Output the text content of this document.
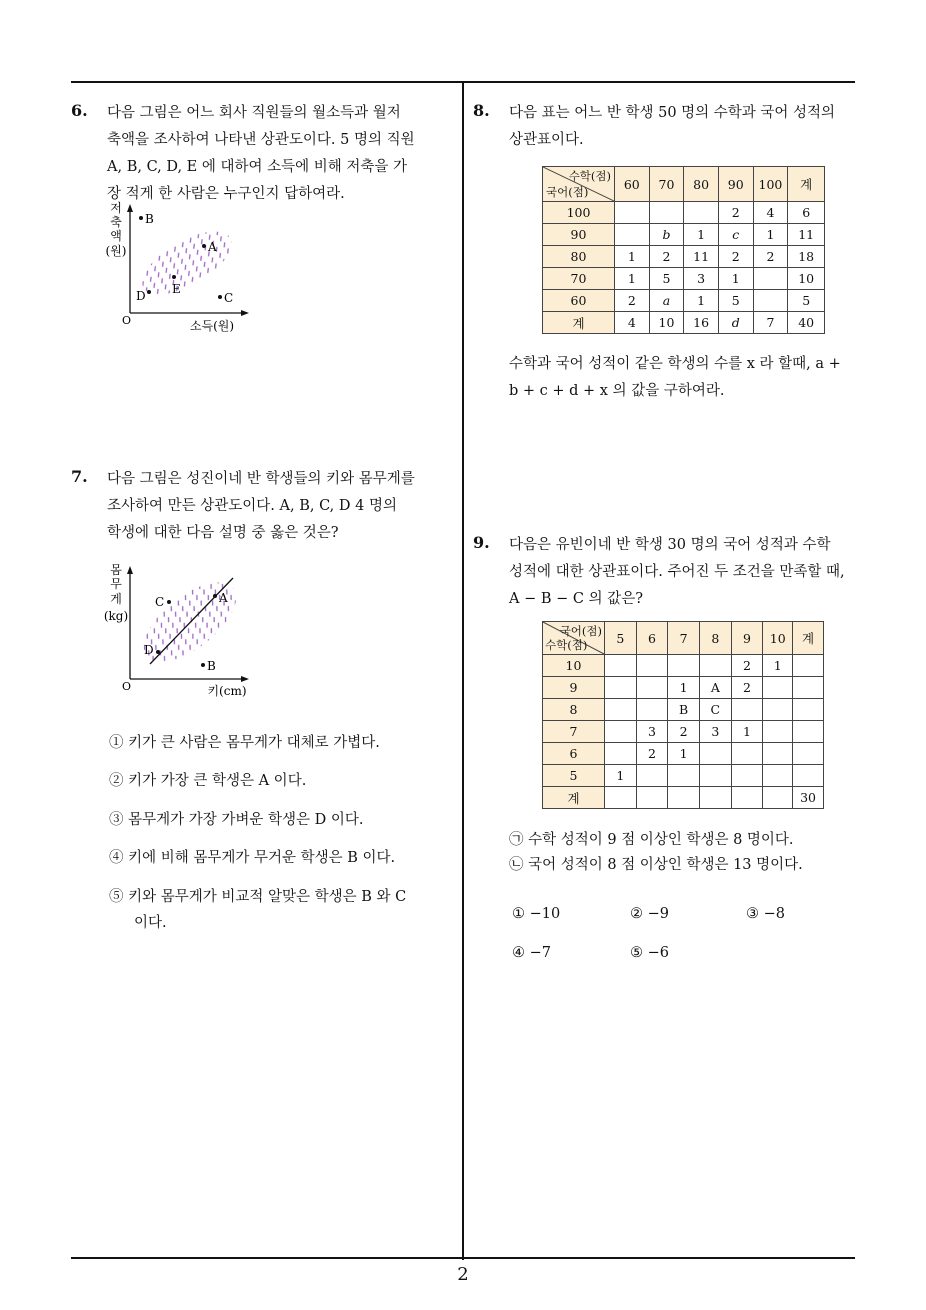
6. 다음 그림은 어느 회사 직원들의 월소득과 월저
축액을 조사하여 나타낸 상관도이다. 5 명의 직원
A, B, C, D, E 에 대하여 소득에 비해 저축을 가
장 적게 한 사람은 누구인지 답하여라.
저
축
액
(원)
O	소득(원)
B
A
E
D	C
7. 다음 그림은 성진이네 반 학생들의 키와 몸무게를
조사하여 만든 상관도이다. A, B, C, D 4 명의
학생에 대한 다음 설명 중 옳은 것은?
몸
무
게
(kg)
O	키(cm)
C	A
D
B
① 키가 큰 사람은 몸무게가 대체로 가볍다.
② 키가 가장 큰 학생은 A 이다.
③ 몸무게가 가장 가벼운 학생은 D 이다.
④ 키에 비해 몸무게가 무거운 학생은 B 이다.
⑤ 키와 몸무게가 비교적 알맞은 학생은 B 와 C
이다.
8. 다음 표는 어느 반 학생 50 명의 수학과 국어 성적의
상관표이다.
수학(점)
국어(점)	60	70	80	90	100	계
100				2	4	6
90		b	1	c	1	11
80	1	2	11	2	2	18
70	1	5	3	1		10
60	2	a	1	5		5
계	4	10	16	d	7	40
수학과 국어 성적이 같은 학생의 수를 x 라 할때, a +
b + c + d + x 의 값을 구하여라.
9. 다음은 유빈이네 반 학생 30 명의 국어 성적과 수학
성적에 대한 상관표이다. 주어진 두 조건을 만족할 때,
A − B − C 의 값은?
국어(점)
수학(점)	5	6	7	8	9	10	계
10					2	1	
9			1	A	2		
8			B	C			
7		3	2	3	1		
6		2	1				
5	1						
계							30
㉠ 수학 성적이 9 점 이상인 학생은 8 명이다.
㉡ 국어 성적이 8 점 이상인 학생은 13 명이다.
① −10	② −9	③ −8
④ −7	⑤ −6
2
